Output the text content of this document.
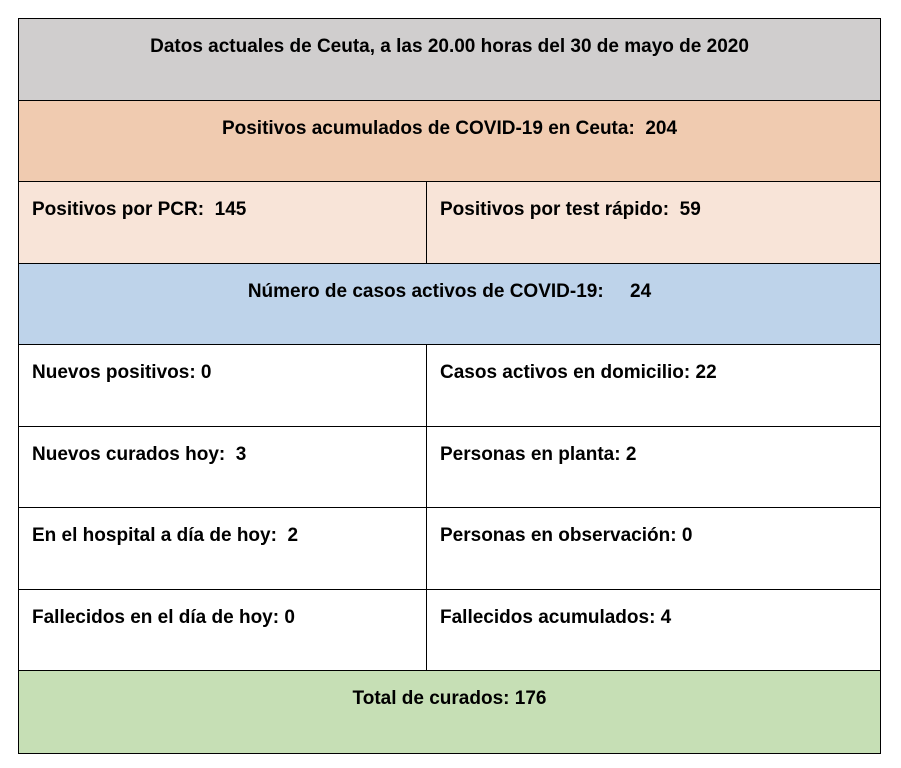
Datos actuales de Ceuta, a las 20.00 horas del 30 de mayo de 2020
Positivos acumulados de COVID-19 en Ceuta:  204
Positivos por PCR:  145	Positivos por test rápido:  59
Número de casos activos de COVID-19:     24
Nuevos positivos: 0	Casos activos en domicilio: 22
Nuevos curados hoy:  3	Personas en planta: 2
En el hospital a día de hoy:  2	Personas en observación: 0
Fallecidos en el día de hoy: 0	Fallecidos acumulados: 4
Total de curados: 176
